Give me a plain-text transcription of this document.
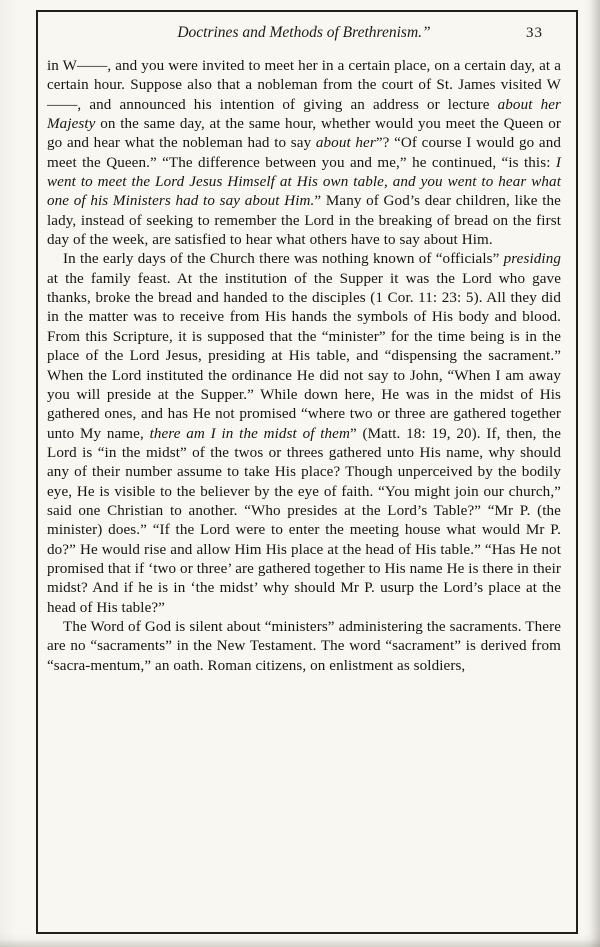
Doctrines and Methods of Brethrenism.”	33

in W——, and you were invited to meet her in a certain place, on a certain day, at a certain hour. Suppose also that a nobleman from the court of St. James visited W——, and announced his intention of giving an address or lecture about her Majesty on the same day, at the same hour, whether would you meet the Queen or go and hear what the nobleman had to say about her”? “Of course I would go and meet the Queen.” “The difference between you and me,” he continued, “is this: I went to meet the Lord Jesus Himself at His own table, and you went to hear what one of his Ministers had to say about Him.” Many of God’s dear children, like the lady, instead of seeking to remember the Lord in the breaking of bread on the first day of the week, are satisfied to hear what others have to say about Him.

In the early days of the Church there was nothing known of “officials” presiding at the family feast. At the institution of the Supper it was the Lord who gave thanks, broke the bread and handed to the disciples (1 Cor. 11: 23: 5). All they did in the matter was to receive from His hands the symbols of His body and blood. From this Scripture, it is supposed that the “minister” for the time being is in the place of the Lord Jesus, presiding at His table, and “dispensing the sacrament.” When the Lord instituted the ordinance He did not say to John, “When I am away you will preside at the Supper.” While down here, He was in the midst of His gathered ones, and has He not promised “where two or three are gathered together unto My name, there am I in the midst of them” (Matt. 18: 19, 20). If, then, the Lord is “in the midst” of the twos or threes gathered unto His name, why should any of their number assume to take His place? Though unperceived by the bodily eye, He is visible to the believer by the eye of faith. “You might join our church,” said one Christian to another. “Who presides at the Lord’s Table?” “Mr P. (the minister) does.” “If the Lord were to enter the meeting house what would Mr P. do?” He would rise and allow Him His place at the head of His table.” “Has He not promised that if ‘two or three’ are gathered together to His name He is there in their midst? And if he is in ‘the midst’ why should Mr P. usurp the Lord’s place at the head of His table?”

The Word of God is silent about “ministers” administering the sacraments. There are no “sacraments” in the New Testament. The word “sacrament” is derived from “sacra-mentum,” an oath. Roman citizens, on enlistment as soldiers,
